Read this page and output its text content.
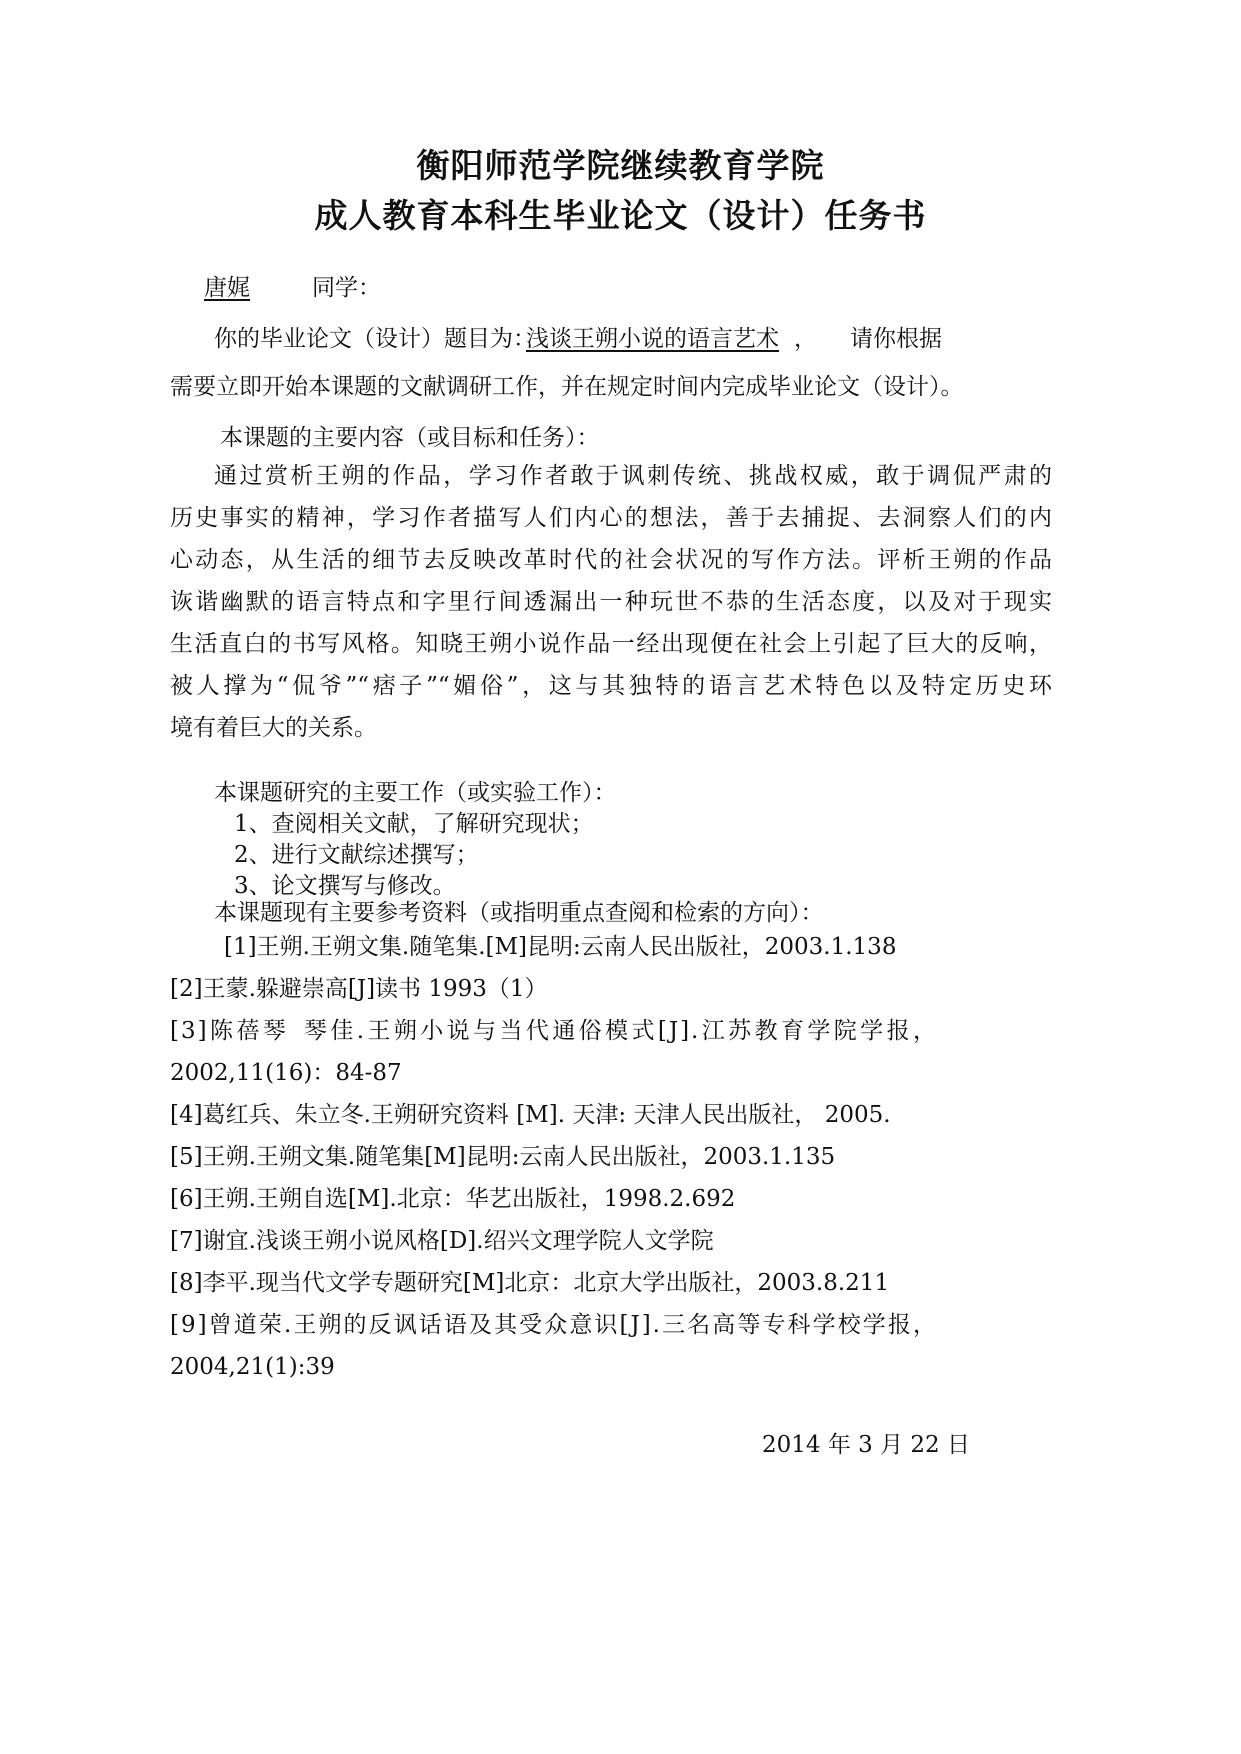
衡阳师范学院继续教育学院
成人教育本科生毕业论文（设计）任务书
唐娓	同学：
你的毕业论文（设计）题目为：
浅谈王朔小说的语言艺术 ， 请你根据
需要立即开始本课题的文献调研工作，并在规定时间内完成毕业论文（设计）。
本课题的主要内容（或目标和任务）：
通过赏析王朔的作品，学习作者敢于讽刺传统、挑战权威，敢于调侃严肃的
历史事实的精神，学习作者描写人们内心的想法，善于去捕捉、去洞察人们的内
心动态，从生活的细节去反映改革时代的社会状况的写作方法。评析王朔的作品
诙谐幽默的语言特点和字里行间透漏出一种玩世不恭的生活态度，以及对于现实
生活直白的书写风格。知晓王朔小说作品一经出现便在社会上引起了巨大的反响，
被人撑为“侃爷”“痞子”“媚俗”，这与其独特的语言艺术特色以及特定历史环
境有着巨大的关系。
本课题研究的主要工作（或实验工作）：
1、查阅相关文献，了解研究现状；
2、进行文献综述撰写；
3、论文撰写与修改。
本课题现有主要参考资料（或指明重点查阅和检索的方向）：
[1]王朔.王朔文集.随笔集.[M]昆明:云南人民出版社，2003.1.138
[2]王蒙.躲避崇高[J]读书 1993（1）
[3]陈蓓琴 琴佳.王朔小说与当代通俗模式[J].江苏教育学院学报，
2002,11(16)：84-87
[4]葛红兵、朱立冬.王朔研究资料 [M]. 天津: 天津人民出版社， 2005.
[5]王朔.王朔文集.随笔集[M]昆明:云南人民出版社，2003.1.135
[6]王朔.王朔自选[M].北京：华艺出版社，1998.2.692
[7]谢宜.浅谈王朔小说风格[D].绍兴文理学院人文学院
[8]李平.现当代文学专题研究[M]北京：北京大学出版社，2003.8.211
[9]曾道荣.王朔的反讽话语及其受众意识[J].三名高等专科学校学报，
2004,21(1):39
2014 年 3 月 22 日
